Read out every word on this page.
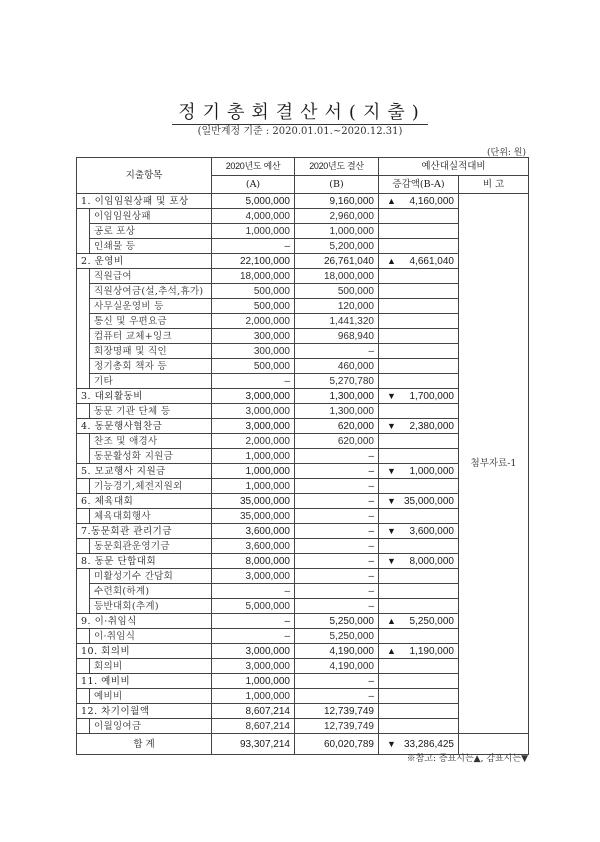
정기총회결산서(지출)
(일반계정 기준 : 2020.01.01.~2020.12.31)
(단위: 원)
지출항목		2020년도 예산	2020년도 결산	예산대실적대비	
		(A)	(B)	증감액(B-A)	비 고
1. 이임임원상패 및 포상		5,000,000	9,160,000	▲ 4,160,000	첨부자료-1
	이임임원상패	4,000,000	2,960,000		
	공로 포상	1,000,000	1,000,000		
	인쇄물 등	–	5,200,000		
2. 운영비		22,100,000	26,761,040	▲ 4,661,040	
	직원급여	18,000,000	18,000,000		
	직원상여금(설,추석,휴가)	500,000	500,000		
	사무실운영비 등	500,000	120,000		
	통신 및 우편요금	2,000,000	1,441,320		
	컴퓨터 교체+잉크	300,000	968,940		
	회장명패 및 직인	300,000	–		
	정기총회 책자 등	500,000	460,000		
	기타	–	5,270,780		
3. 대외활동비		3,000,000	1,300,000	▼ 1,700,000	
	동문 기관 단체 등	3,000,000	1,300,000		
4. 동문행사협찬금		3,000,000	620,000	▼ 2,380,000	
	찬조 및 애경사	2,000,000	620,000		
	동문활성화 지원금	1,000,000	–		
5. 모교행사 지원금		1,000,000	–	▼ 1,000,000	
	기능경기,체전지원외	1,000,000	–		
6. 체육대회		35,000,000	–	▼ 35,000,000	
	체육대회행사	35,000,000	–		
7.동문회관 관리기금		3,600,000	–	▼ 3,600,000	
	동문회관운영기금	3,600,000	–		
8. 동문 단합대회		8,000,000	–	▼ 8,000,000	
	미활성기수 간담회	3,000,000	–		
	수련회(하계)	–	–		
	등반대회(추계)	5,000,000	–		
9. 이·취임식		–	5,250,000	▲ 5,250,000	
	이·취임식	–	5,250,000		
10. 회의비		3,000,000	4,190,000	▲ 1,190,000	
	회의비	3,000,000	4,190,000		
11. 예비비		1,000,000	–		
	예비비	1,000,000	–		
12. 차기이월액		8,607,214	12,739,749		
	이월잉여금	8,607,214	12,739,749		
합 계		93,307,214	60,020,789	▼ 33,286,425	
※참고: 증표시는▲, 감표시는▼
